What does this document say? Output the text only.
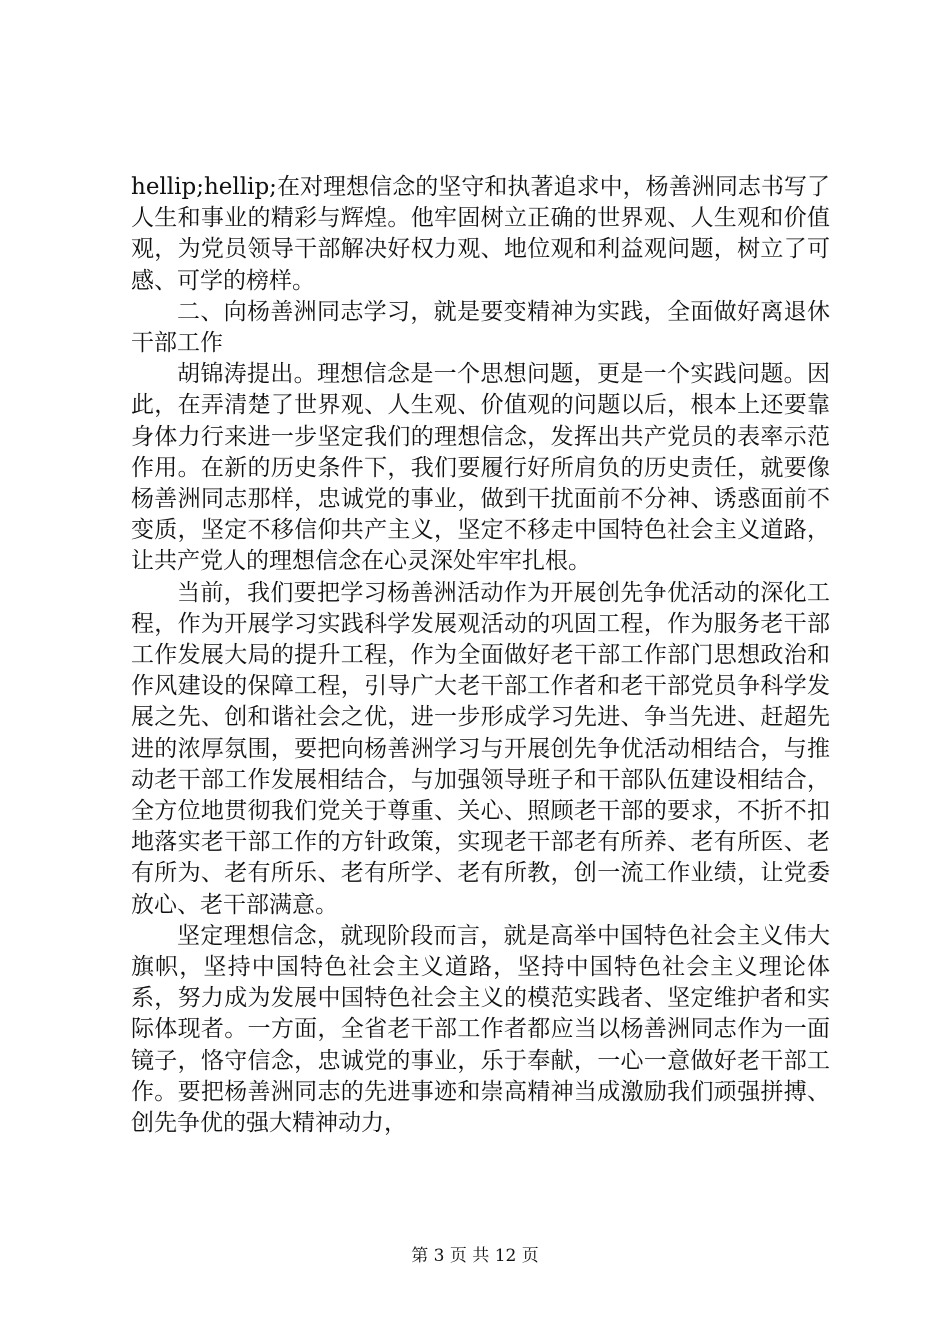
hellip;hellip;在对理想信念的坚守和执著追求中，杨善洲同志书写了人生和事业的精彩与辉煌。他牢固树立正确的世界观、人生观和价值观，为党员领导干部解决好权力观、地位观和利益观问题，树立了可感、可学的榜样。

二、向杨善洲同志学习，就是要变精神为实践，全面做好离退休干部工作

胡锦涛提出。理想信念是一个思想问题，更是一个实践问题。因此，在弄清楚了世界观、人生观、价值观的问题以后，根本上还要靠身体力行来进一步坚定我们的理想信念，发挥出共产党员的表率示范作用。在新的历史条件下，我们要履行好所肩负的历史责任，就要像杨善洲同志那样，忠诚党的事业，做到干扰面前不分神、诱惑面前不变质，坚定不移信仰共产主义，坚定不移走中国特色社会主义道路，让共产党人的理想信念在心灵深处牢牢扎根。

当前，我们要把学习杨善洲活动作为开展创先争优活动的深化工程，作为开展学习实践科学发展观活动的巩固工程，作为服务老干部工作发展大局的提升工程，作为全面做好老干部工作部门思想政治和作风建设的保障工程，引导广大老干部工作者和老干部党员争科学发展之先、创和谐社会之优，进一步形成学习先进、争当先进、赶超先进的浓厚氛围，要把向杨善洲学习与开展创先争优活动相结合，与推动老干部工作发展相结合，与加强领导班子和干部队伍建设相结合，全方位地贯彻我们党关于尊重、关心、照顾老干部的要求，不折不扣地落实老干部工作的方针政策，实现老干部老有所养、老有所医、老有所为、老有所乐、老有所学、老有所教，创一流工作业绩，让党委放心、老干部满意。

坚定理想信念，就现阶段而言，就是高举中国特色社会主义伟大旗帜，坚持中国特色社会主义道路，坚持中国特色社会主义理论体系，努力成为发展中国特色社会主义的模范实践者、坚定维护者和实际体现者。一方面，全省老干部工作者都应当以杨善洲同志作为一面镜子，恪守信念，忠诚党的事业，乐于奉献，一心一意做好老干部工作。要把杨善洲同志的先进事迹和崇高精神当成激励我们顽强拼搏、创先争优的强大精神动力，

第 3 页 共 12 页
